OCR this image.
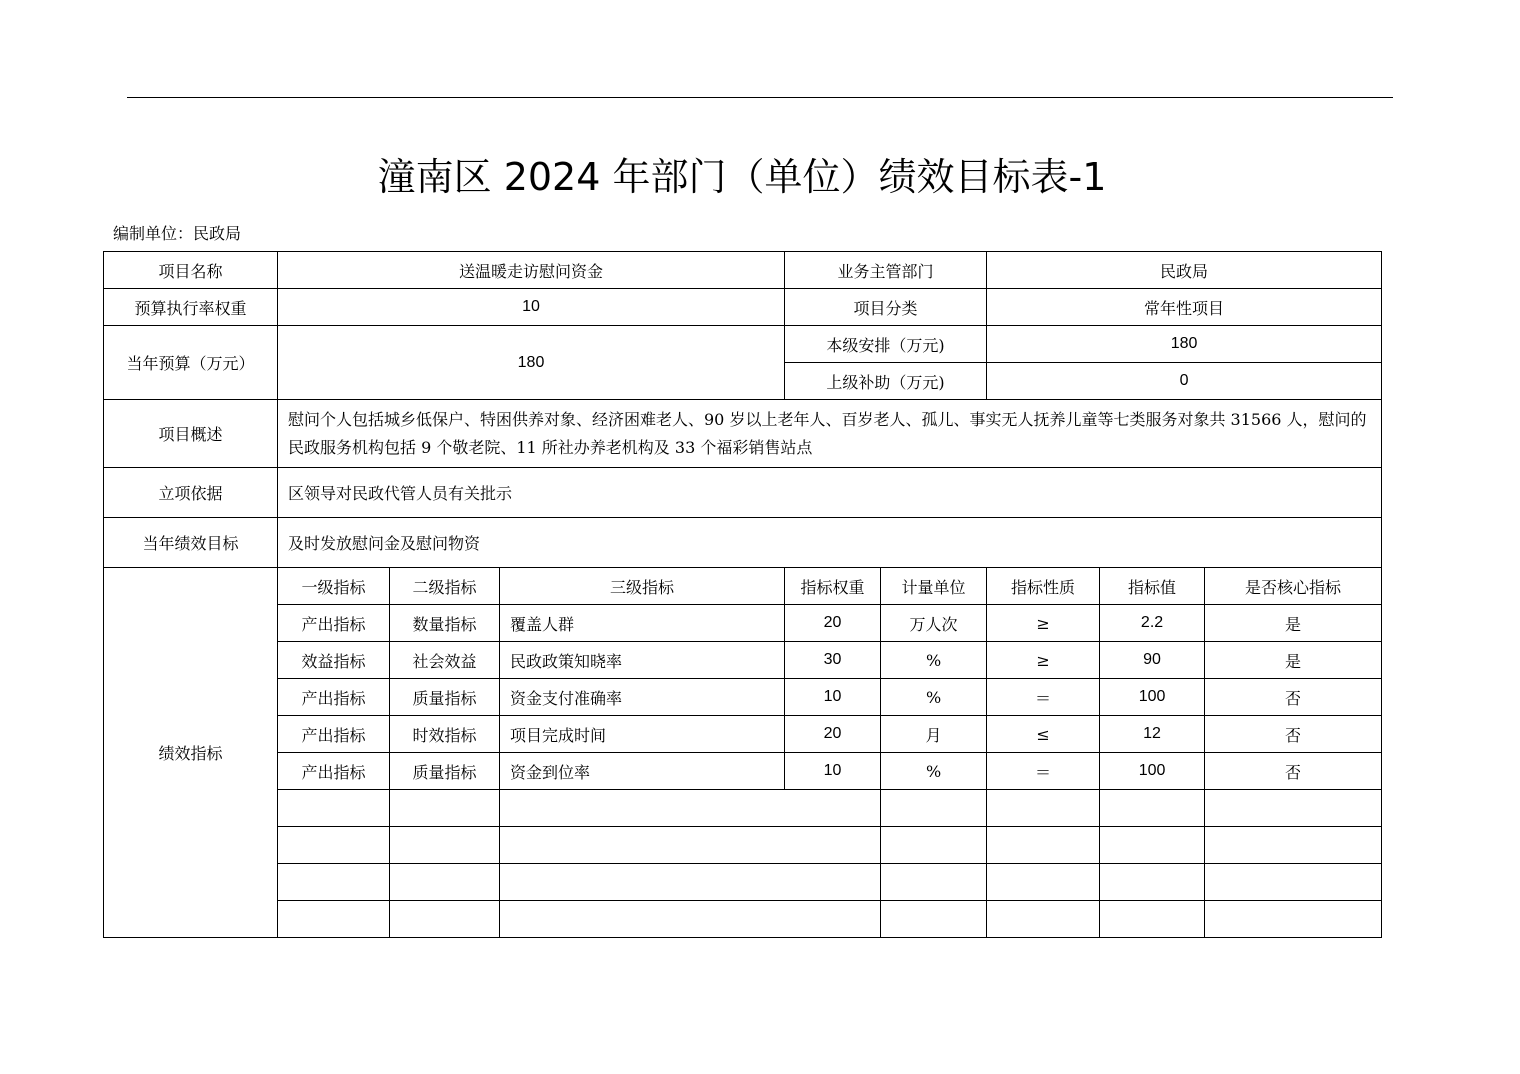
潼南区 2024 年部门（单位）绩效目标表-1
编制单位：民政局
项目名称	送温暖走访慰问资金			业务主管部门		民政局		
预算执行率权重	10			项目分类		常年性项目		
当年预算（万元）	180			本级安排（万元)		180		
				上级补助（万元)		0		
项目概述	慰问个人包括城乡低保户、特困供养对象、经济困难老人、90 岁以上老年人、百岁老人、孤儿、事实无人抚养儿童等七类服务对象共 31566 人，慰问的民政服务机构包括 9 个敬老院、11 所社办养老机构及 33 个福彩销售站点							
立项依据	区领导对民政代管人员有关批示							
当年绩效目标	及时发放慰问金及慰问物资							
绩效指标	一级指标	二级指标	三级指标	指标权重	计量单位	指标性质	指标值	是否核心指标
	产出指标	数量指标	覆盖人群	20	万人次	≥	2.2	是
	效益指标	社会效益	民政政策知晓率	30	%	≥	90	是
	产出指标	质量指标	资金支付准确率	10	%	＝	100	否
	产出指标	时效指标	项目完成时间	20	月	≤	12	否
	产出指标	质量指标	资金到位率	10	%	＝	100	否
